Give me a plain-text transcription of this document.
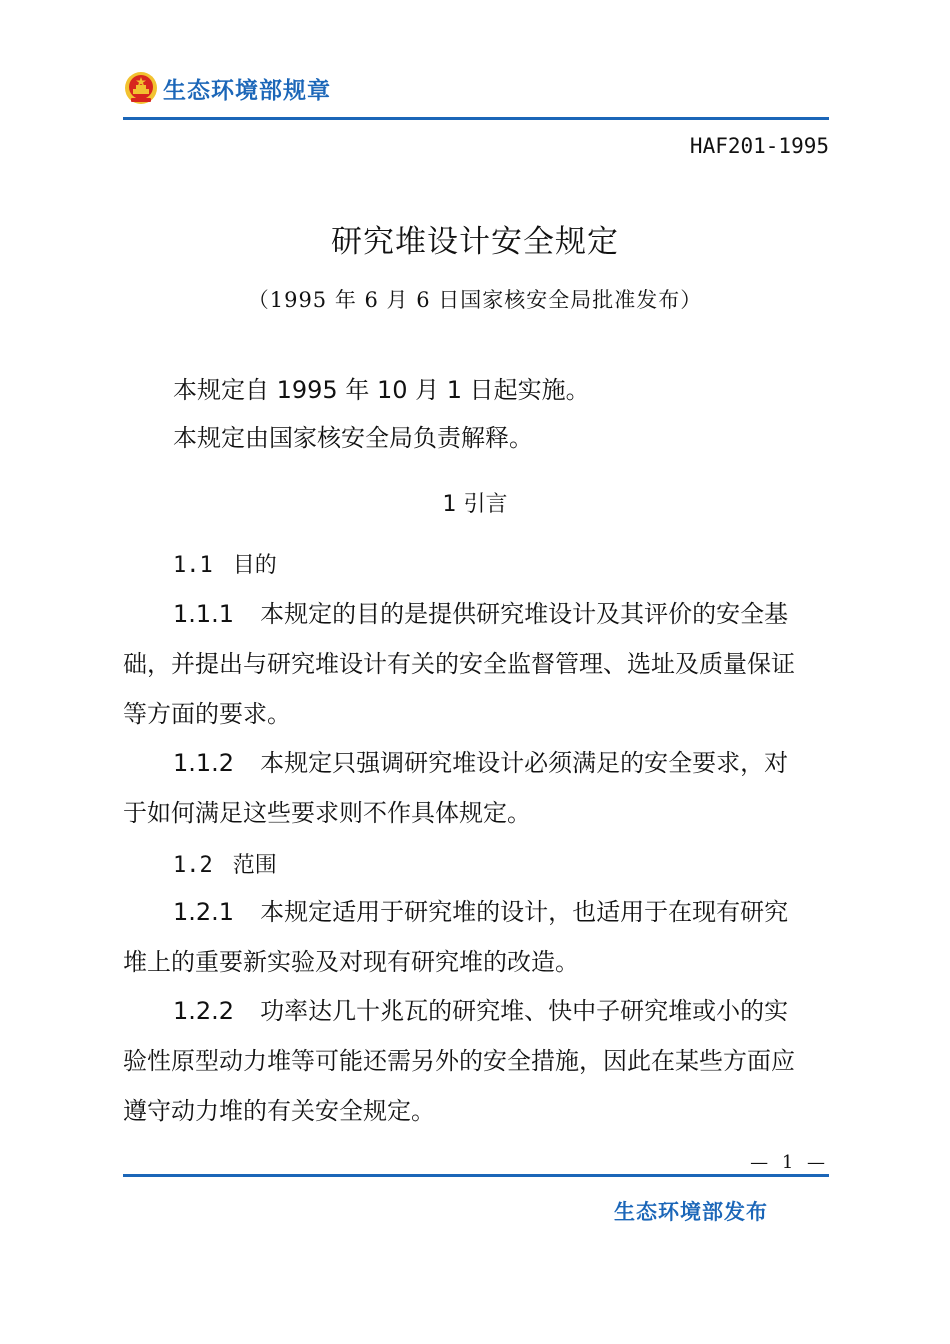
生态环境部规章
HAF201-1995
研究堆设计安全规定
（1995 年 6 月 6 日国家核安全局批准发布）
本规定自 1995 年 10 月 1 日起实施。
本规定由国家核安全局负责解释。
1 引言
1.1 目的
1.1.1 本规定的目的是提供研究堆设计及其评价的安全基
础，并提出与研究堆设计有关的安全监督管理、选址及质量保证
等方面的要求。
1.1.2 本规定只强调研究堆设计必须满足的安全要求，对
于如何满足这些要求则不作具体规定。
1.2 范围
1.2.1 本规定适用于研究堆的设计，也适用于在现有研究
堆上的重要新实验及对现有研究堆的改造。
1.2.2 功率达几十兆瓦的研究堆、快中子研究堆或小的实
验性原型动力堆等可能还需另外的安全措施，因此在某些方面应
遵守动力堆的有关安全规定。
— 1 —
生态环境部发布
